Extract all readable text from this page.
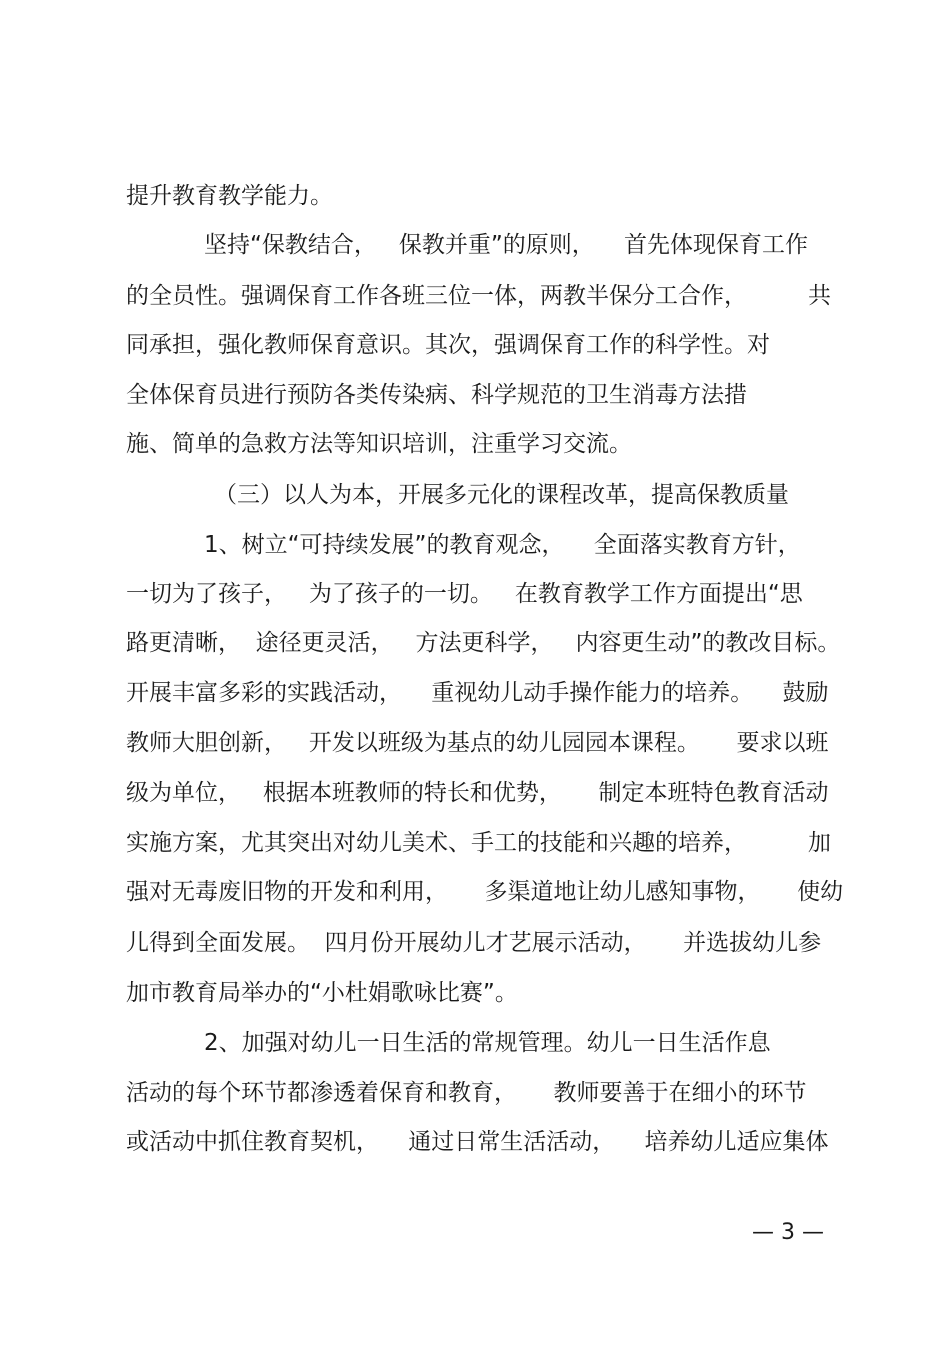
提升教育教学能力。
坚持“保教结合，   保教并重”的原则，    首先体现保育工作
的全员性。强调保育工作各班三位一体，两教半保分工合作，	共
同承担，强化教师保育意识。其次，强调保育工作的科学性。对
全体保育员进行预防各类传染病、科学规范的卫生消毒方法措
施、简单的急救方法等知识培训，注重学习交流。
（三）以人为本，开展多元化的课程改革，提高保教质量
1、树立“可持续发展”的教育观念，    全面落实教育方针，
一切为了孩子，   为了孩子的一切。   在教育教学工作方面提出“思
路更清晰，  途径更灵活，   方法更科学，   内容更生动”的教改目标。
开展丰富多彩的实践活动，    重视幼儿动手操作能力的培养。    鼓励
教师大胆创新，   开发以班级为基点的幼儿园园本课程。     要求以班
级为单位，   根据本班教师的特长和优势，     制定本班特色教育活动
实施方案，尤其突出对幼儿美术、手工的技能和兴趣的培养，	加
强对无毒废旧物的开发和利用，     多渠道地让幼儿感知事物，     使幼
儿得到全面发展。  四月份开展幼儿才艺展示活动，     并选拔幼儿参
加市教育局举办的“小杜娟歌咏比赛”。
2、加强对幼儿一日生活的常规管理。幼儿一日生活作息
活动的每个环节都渗透着保育和教育，     教师要善于在细小的环节
或活动中抓住教育契机，    通过日常生活活动，    培养幼儿适应集体
— 3 —
